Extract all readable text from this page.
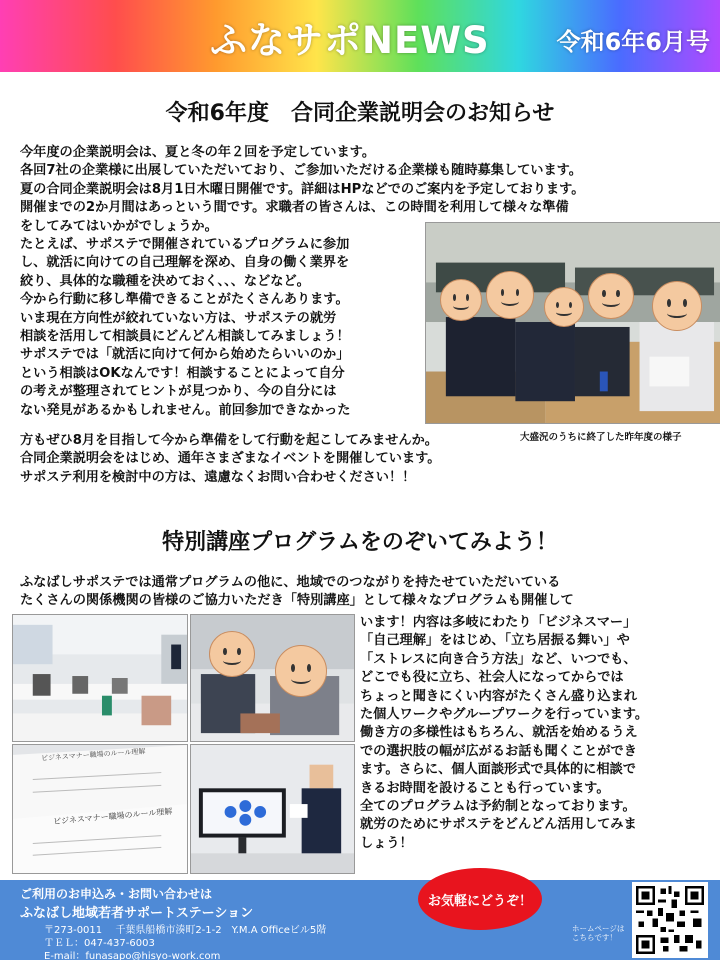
ふなサポNEWS	令和6年6月号
令和6年度　合同企業説明会のお知らせ
今年度の企業説明会は、夏と冬の年２回を予定しています。
各回7社の企業様に出展していただいており、ご参加いただける企業様も随時募集しています。
夏の合同企業説明会は8月1日木曜日開催です。詳細はHPなどでのご案内を予定しております。
開催までの2か月間はあっという間です。求職者の皆さんは、この時間を利用して様々な準備
をしてみてはいかがでしょうか。
たとえば、サポステで開催されているプログラムに参加
し、就活に向けての自己理解を深め、自身の働く業界を
絞り、具体的な職種を決めておく、、、などなど。
今から行動に移し準備できることがたくさんあります。
いま現在方向性が絞れていない方は、サポステの就労
相談を活用して相談員にどんどん相談してみましょう！
サポステでは「就活に向けて何から始めたらいいのか」
という相談はOKなんです！相談することによって自分
の考えが整理されてヒントが見つかり、今の自分には
ない発見があるかもしれません。前回参加できなかった
大盛況のうちに終了した昨年度の様子
方もぜひ8月を目指して今から準備をして行動を起こしてみませんか。
合同企業説明会をはじめ、通年さまざまなイベントを開催しています。
サポステ利用を検討中の方は、遠慮なくお問い合わせください！！
特別講座プログラムをのぞいてみよう！
ふなばしサポステでは通常プログラムの他に、地域でのつながりを持たせていただいている
たくさんの関係機関の皆様のご協力いただき「特別講座」として様々なプログラムも開催して
います！内容は多岐にわたり「ビジネスマー」
「自己理解」をはじめ、「立ち居振る舞い」や
「ストレスに向き合う方法」など、いつでも、
どこでも役に立ち、社会人になってからでは
ちょっと聞きにくい内容がたくさん盛り込まれ
た個人ワークやグループワークを行っています。
働き方の多様性はもちろん、就活を始めるうえ
での選択肢の幅が広がるお話も聞くことができ
ます。さらに、個人面談形式で具体的に相談で
きるお時間を設けることも行っています。
全てのプログラムは予約制となっております。
就労のためにサポステをどんどん活用してみま
しょう！
ビジネスマナー職場のルール理解
ビジネスマナー職場のルール理解
ご利用のお申込み・お問い合わせは
ふなばし地域若者サポートステーション
〒273-0011　 千葉県船橋市湊町2-1-2　Y.M.A Officeビル5階
ＴＥＬ：047-437-6003
E-mail：funasapo@hisyo-work.com
お気軽にどうぞ！
ホームページは こちらです！
